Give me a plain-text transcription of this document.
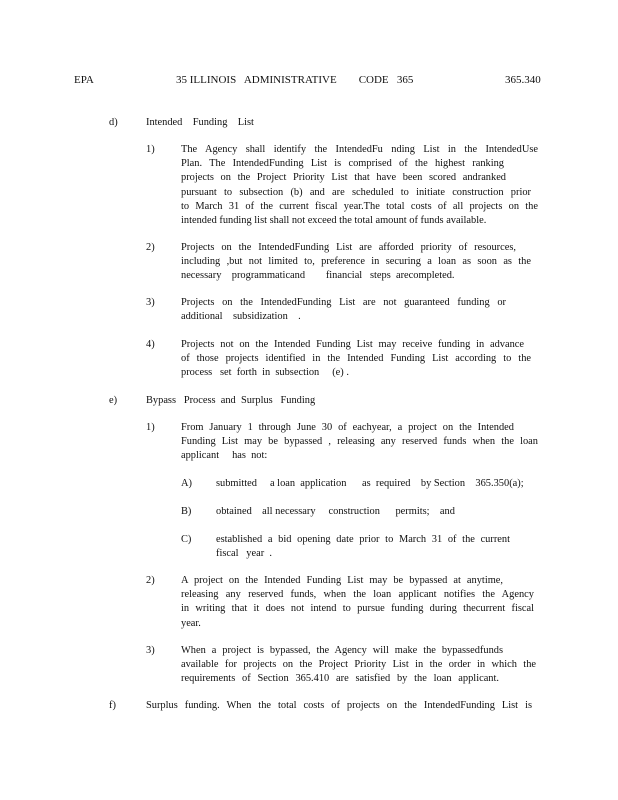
EPA	35 ILLINOIS   ADMINISTRATIVE        CODE   365	365.340
d)	Intended    Funding    List
1)	The Agency shall identify the IntendedFu nding List in the IntendedUse
Plan. The IntendedFunding List is comprised of the highest ranking
projects on the Project Priority List that have been scored andranked
pursuant to subsection (b) and are scheduled to initiate construction prior
to March 31 of the current fiscal year.The total costs of all projects on the
intended funding list shall not exceed the total amount of funds available.
2)	Projects on the IntendedFunding List are afforded priority of resources,
including ,but not limited to, preference in securing a loan as soon as the
necessary    programmaticand        financial   steps  arecompleted.
3)	Projects on the IntendedFunding List are not guaranteed funding or
additional    subsidization    .
4)	Projects not on the Intended Funding List may receive funding in advance
of those projects identified in the Intended Funding List according to the
process   set  forth  in  subsection     (e) .
e)	Bypass   Process  and  Surplus   Funding
1)	From January 1 through June 30 of eachyear, a project on the Intended
Funding List may be bypassed , releasing any reserved funds when the loan
applicant     has  not:
A) submitted     a loan  application      as  required    by Section    365.350(a);
B) obtained    all necessary     construction      permits;    and
C) established a bid opening date prior to March 31 of the current
fiscal   year  .
2)	A project on the Intended Funding List may be bypassed at anytime,
releasing any reserved funds, when the loan applicant notifies the Agency
in writing that it does not intend to pursue funding during thecurrent fiscal
year.
3)	When a project is bypassed, the Agency will make the bypassedfunds
available for projects on the Project Priority List in the order in which the
requirements of Section 365.410 are satisfied by the loan applicant.
f)	Surplus funding. When the total costs of projects on the IntendedFunding List is
